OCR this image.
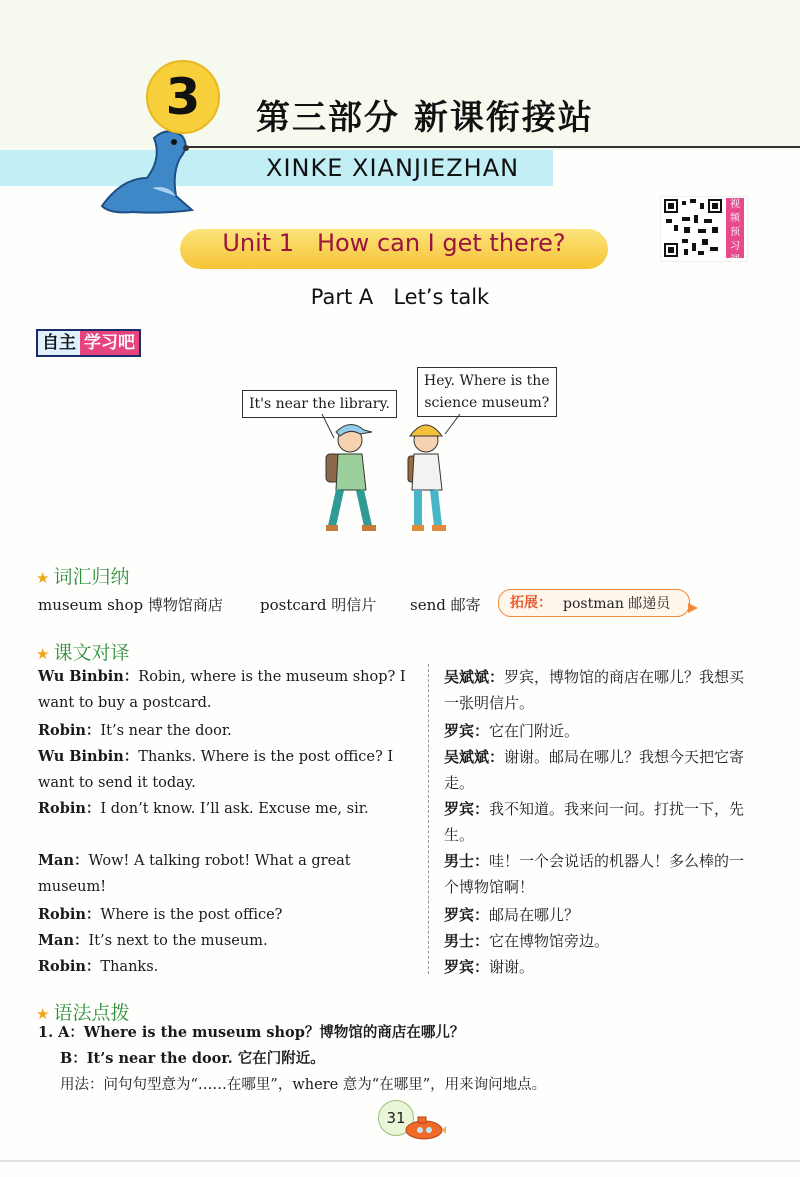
3	第三部分 新课衔接站
XINKE XIANJIEZHAN
视频预习课
Unit 1   How can I get there?
Part A   Let’s talk
自主 学习吧
It's near the library.
Hey. Where is the
science museum?
★ 词汇归纳
museum shop 博物馆商店 postcard 明信片 send 邮寄 拓展： postman 邮递员
★ 课文对译
Wu Binbin：Robin, where is the museum shop? I want to buy a postcard.
Robin：It’s near the door.
Wu Binbin：Thanks. Where is the post office? I want to send it today.
Robin：I don’t know. I’ll ask. Excuse me, sir.
Man：Wow! A talking robot! What a great museum!
Robin：Where is the post office?
Man：It’s next to the museum.
Robin：Thanks.
吴斌斌：罗宾，博物馆的商店在哪儿？我想买一张明信片。
罗宾：它在门附近。
吴斌斌：谢谢。邮局在哪儿？我想今天把它寄走。
罗宾：我不知道。我来问一问。打扰一下，先生。
男士：哇！一个会说话的机器人！多么棒的一个博物馆啊！
罗宾：邮局在哪儿？
男士：它在博物馆旁边。
罗宾：谢谢。
★ 语法点拨
1. A：Where is the museum shop？博物馆的商店在哪儿？
B：It’s near the door. 它在门附近。
用法：问句句型意为“……在哪里”，where 意为“在哪里”，用来询问地点。
31
